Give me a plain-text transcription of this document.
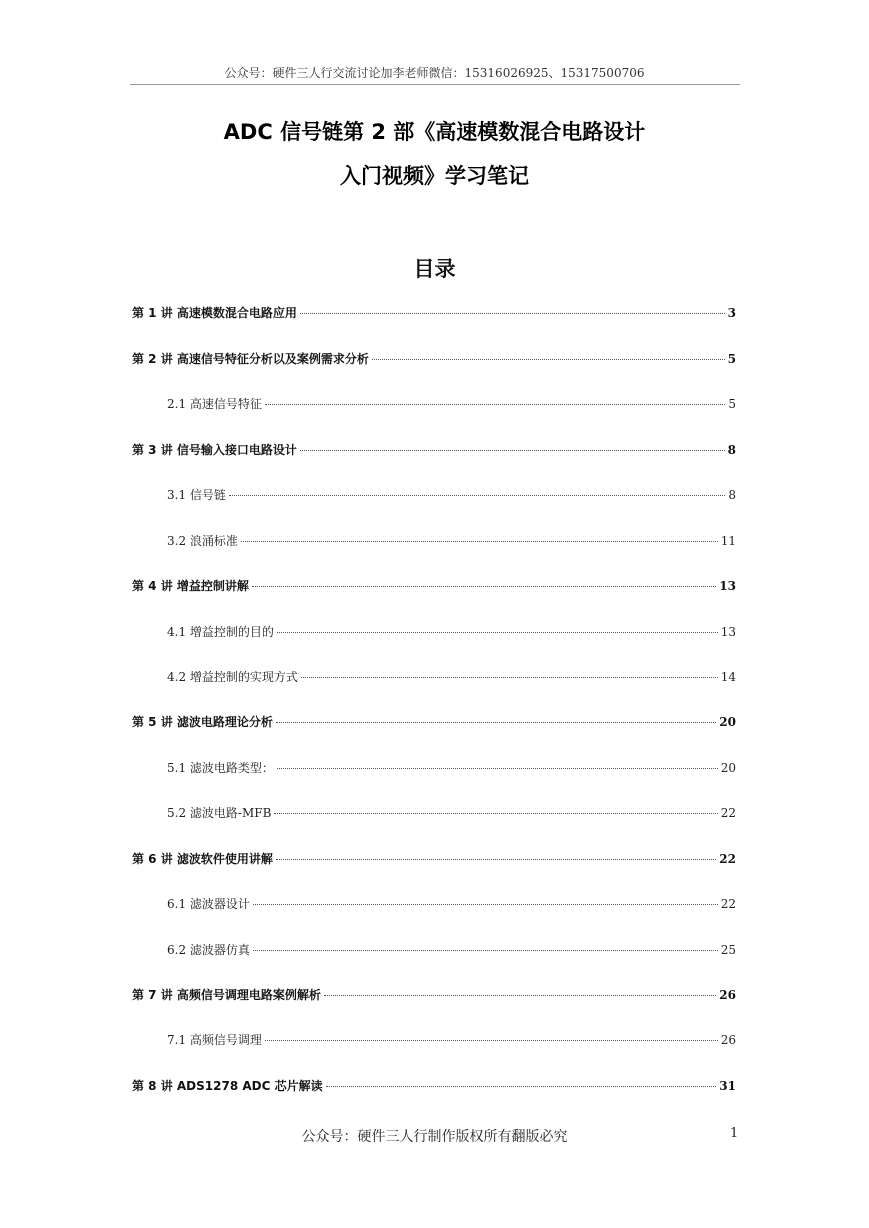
公众号：硬件三人行交流讨论加李老师微信：15316026925、15317500706
ADC 信号链第 2 部《高速模数混合电路设计
入门视频》学习笔记
目录
第 1 讲 高速模数混合电路应用	3
第 2 讲 高速信号特征分析以及案例需求分析	5
2.1 高速信号特征	5
第 3 讲 信号输入接口电路设计	8
3.1 信号链	8
3.2 浪涌标准	11
第 4 讲 增益控制讲解	13
4.1 增益控制的目的	13
4.2 增益控制的实现方式	14
第 5 讲 滤波电路理论分析	20
5.1 滤波电路类型：	20
5.2 滤波电路-MFB	22
第 6 讲 滤波软件使用讲解	22
6.1 滤波器设计	22
6.2 滤波器仿真	25
第 7 讲 高频信号调理电路案例解析	26
7.1 高频信号调理	26
第 8 讲 ADS1278 ADC 芯片解读	31
公众号：硬件三人行制作版权所有翻版必究	1
